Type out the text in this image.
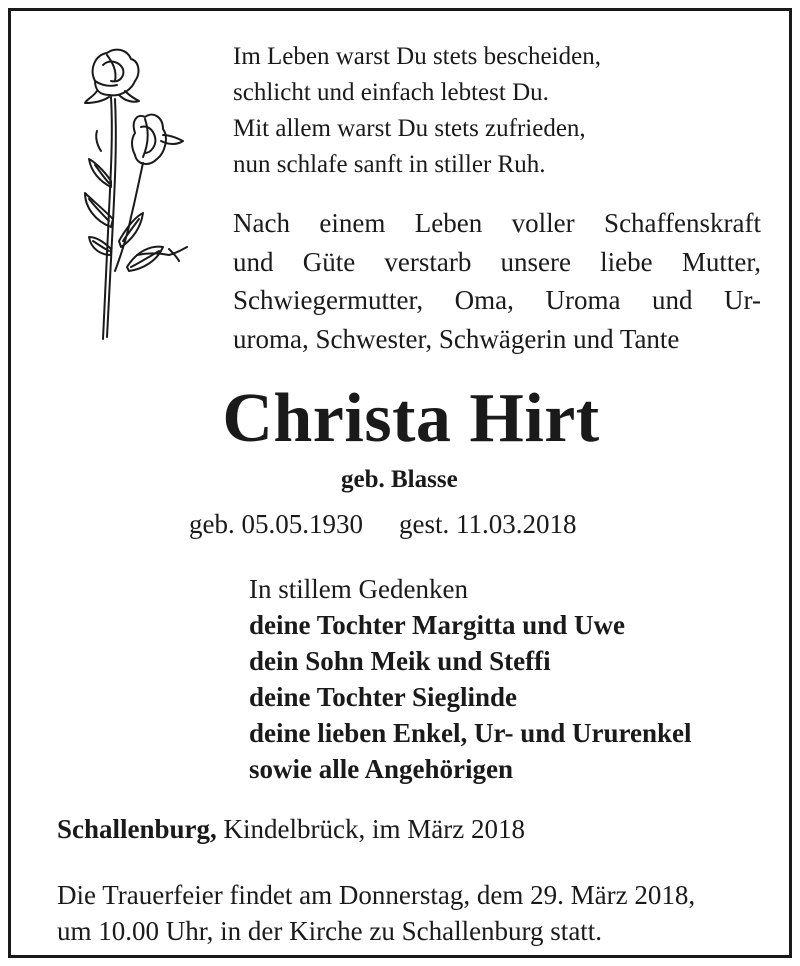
Im Leben warst Du stets bescheiden,
schlicht und einfach lebtest Du.
Mit allem warst Du stets zufrieden,
nun schlafe sanft in stiller Ruh.
Nach einem Leben voller Schaffenskraft
und Güte verstarb unsere liebe Mutter,
Schwiegermutter, Oma, Uroma und Ur-
uroma, Schwester, Schwägerin und Tante
Christa Hirt
geb. Blasse
geb. 05.05.1930 gest. 11.03.2018
In stillem Gedenken
deine Tochter Margitta und Uwe
dein Sohn Meik und Steffi
deine Tochter Sieglinde
deine lieben Enkel, Ur- und Ururenkel
sowie alle Angehörigen
Schallenburg, Kindelbrück, im März 2018
Die Trauerfeier findet am Donnerstag, dem 29. März 2018,
um 10.00 Uhr, in der Kirche zu Schallenburg statt.
